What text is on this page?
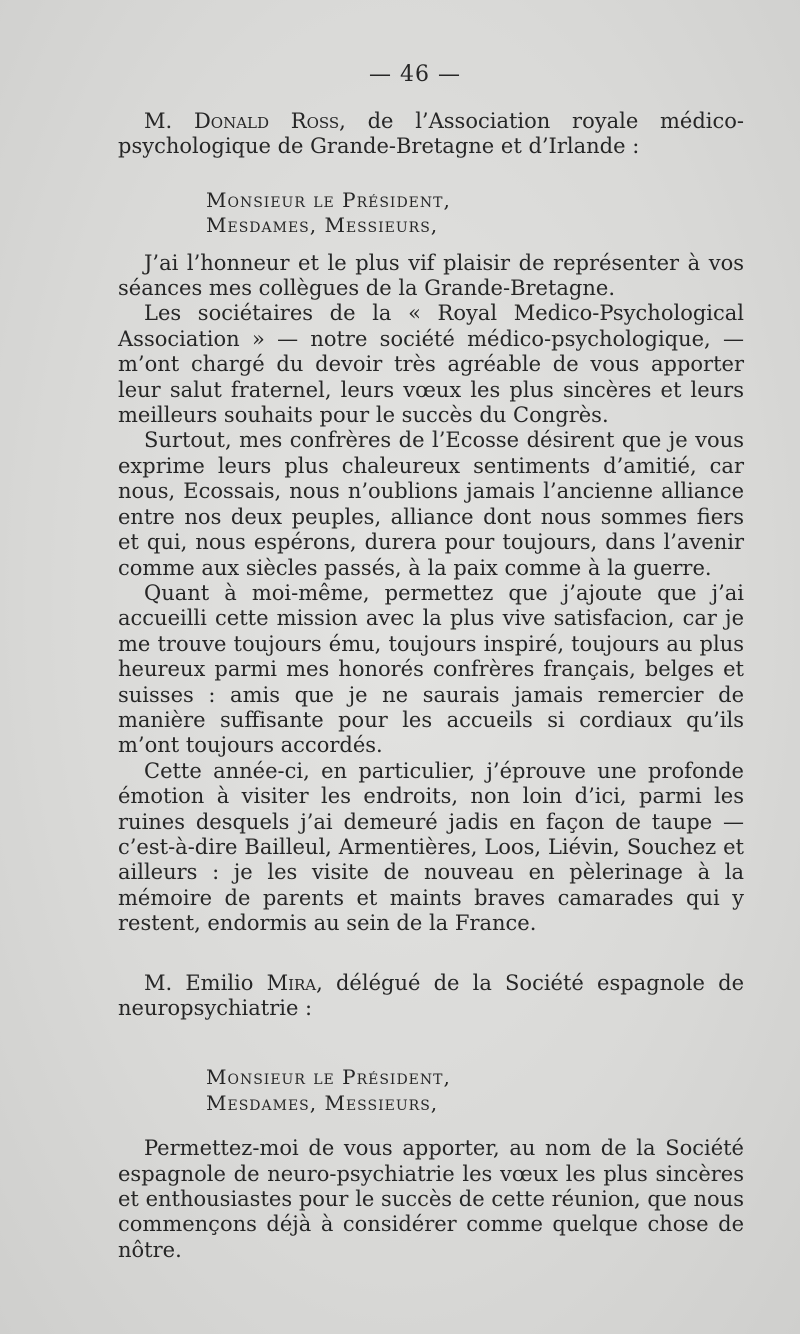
— 46 —

M. Donald Ross, de l’Association royale médico-psychologique de Grande-Bretagne et d’Irlande :

Monsieur le Président,
Mesdames, Messieurs,

J’ai l’honneur et le plus vif plaisir de représenter à vos séances mes collègues de la Grande-Bretagne.

Les sociétaires de la « Royal Medico-Psychological Association » — notre société médico-psychologique, — m’ont chargé du devoir très agréable de vous apporter leur salut fraternel, leurs vœux les plus sincères et leurs meilleurs souhaits pour le succès du Congrès.

Surtout, mes confrères de l’Ecosse désirent que je vous exprime leurs plus chaleureux sentiments d’amitié, car nous, Ecossais, nous n’oublions jamais l’ancienne alliance entre nos deux peuples, alliance dont nous sommes fiers et qui, nous espérons, durera pour toujours, dans l’avenir comme aux siècles passés, à la paix comme à la guerre.

Quant à moi-même, permettez que j’ajoute que j’ai accueilli cette mission avec la plus vive satisfacion, car je me trouve toujours ému, toujours inspiré, toujours au plus heureux parmi mes honorés confrères français, belges et suisses : amis que je ne saurais jamais remercier de manière suffisante pour les accueils si cordiaux qu’ils m’ont toujours accordés.

Cette année-ci, en particulier, j’éprouve une profonde émotion à visiter les endroits, non loin d’ici, parmi les ruines desquels j’ai demeuré jadis en façon de taupe — c’est-à-dire Bailleul, Armentières, Loos, Liévin, Souchez et ailleurs : je les visite de nouveau en pèlerinage à la mémoire de parents et maints braves camarades qui y restent, endormis au sein de la France.

M. Emilio Mira, délégué de la Société espagnole de neuropsychiatrie :

Monsieur le Président,
Mesdames, Messieurs,

Permettez-moi de vous apporter, au nom de la Société espagnole de neuro-psychiatrie les vœux les plus sincères et enthousiastes pour le succès de cette réunion, que nous commençons déjà à considérer comme quelque chose de nôtre.
